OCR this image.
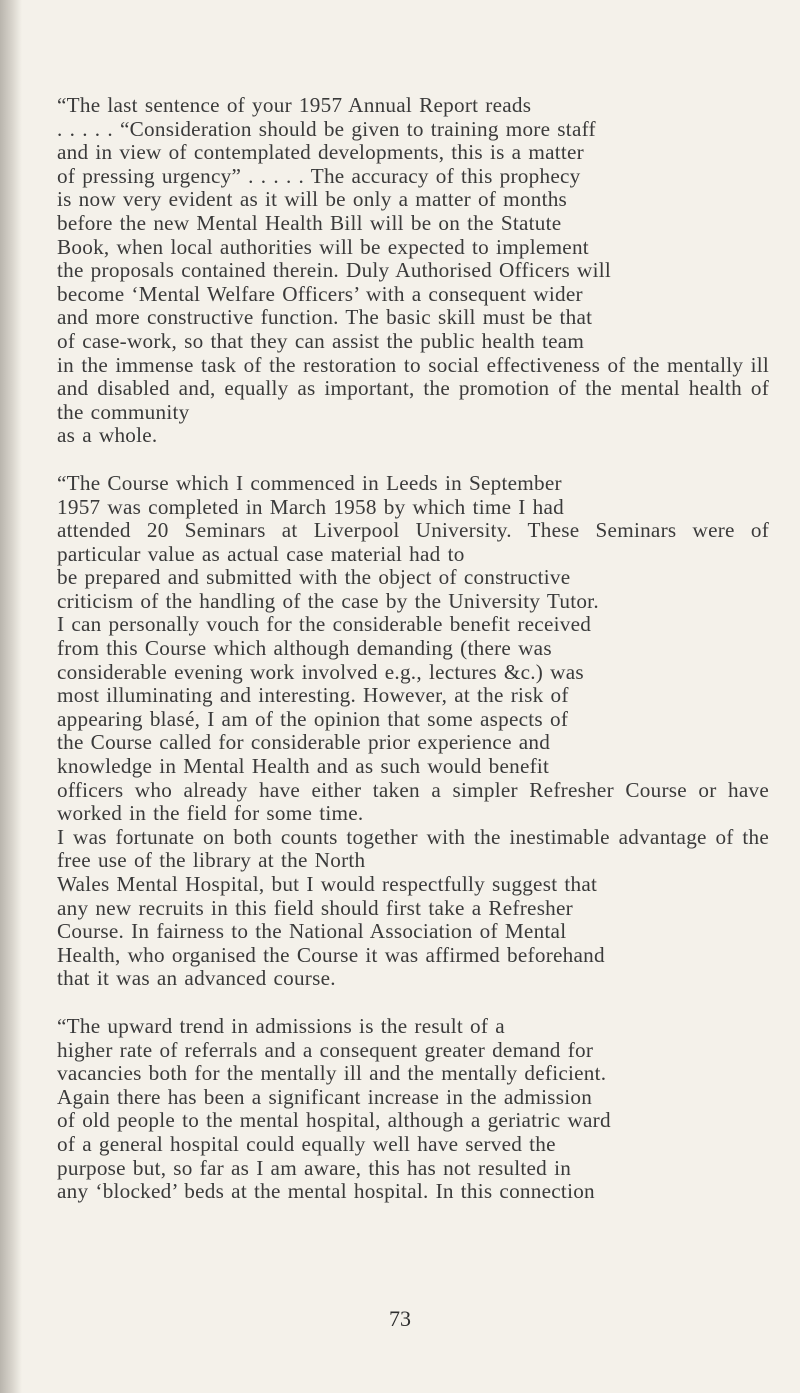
“The last sentence of your 1957 Annual Report reads
. . . . . “Consideration should be given to training more staff
and in view of contemplated developments, this is a matter
of pressing urgency” . . . . . The accuracy of this prophecy
is now very evident as it will be only a matter of months
before the new Mental Health Bill will be on the Statute
Book, when local authorities will be expected to implement
the proposals contained therein. Duly Authorised Officers will
become ‘Mental Welfare Officers’ with a consequent wider
and more constructive function. The basic skill must be that
of case-work, so that they can assist the public health team
in the immense task of the restoration to social effectiveness of the mentally ill and disabled and, equally as important, the promotion of the mental health of the community
as a whole.

“The Course which I commenced in Leeds in September
1957 was completed in March 1958 by which time I had
attended 20 Seminars at Liverpool University. These Seminars were of particular value as actual case material had to
be prepared and submitted with the object of constructive
criticism of the handling of the case by the University Tutor.
I can personally vouch for the considerable benefit received
from this Course which although demanding (there was
considerable evening work involved e.g., lectures &c.) was
most illuminating and interesting. However, at the risk of
appearing blasé, I am of the opinion that some aspects of
the Course called for considerable prior experience and
knowledge in Mental Health and as such would benefit
officers who already have either taken a simpler Refresher Course or have worked in the field for some time.
I was fortunate on both counts together with the inestimable advantage of the free use of the library at the North
Wales Mental Hospital, but I would respectfully suggest that
any new recruits in this field should first take a Refresher
Course. In fairness to the National Association of Mental
Health, who organised the Course it was affirmed beforehand
that it was an advanced course.

“The upward trend in admissions is the result of a
higher rate of referrals and a consequent greater demand for
vacancies both for the mentally ill and the mentally deficient.
Again there has been a significant increase in the admission
of old people to the mental hospital, although a geriatric ward
of a general hospital could equally well have served the
purpose but, so far as I am aware, this has not resulted in
any ‘blocked’ beds at the mental hospital. In this connection

73
